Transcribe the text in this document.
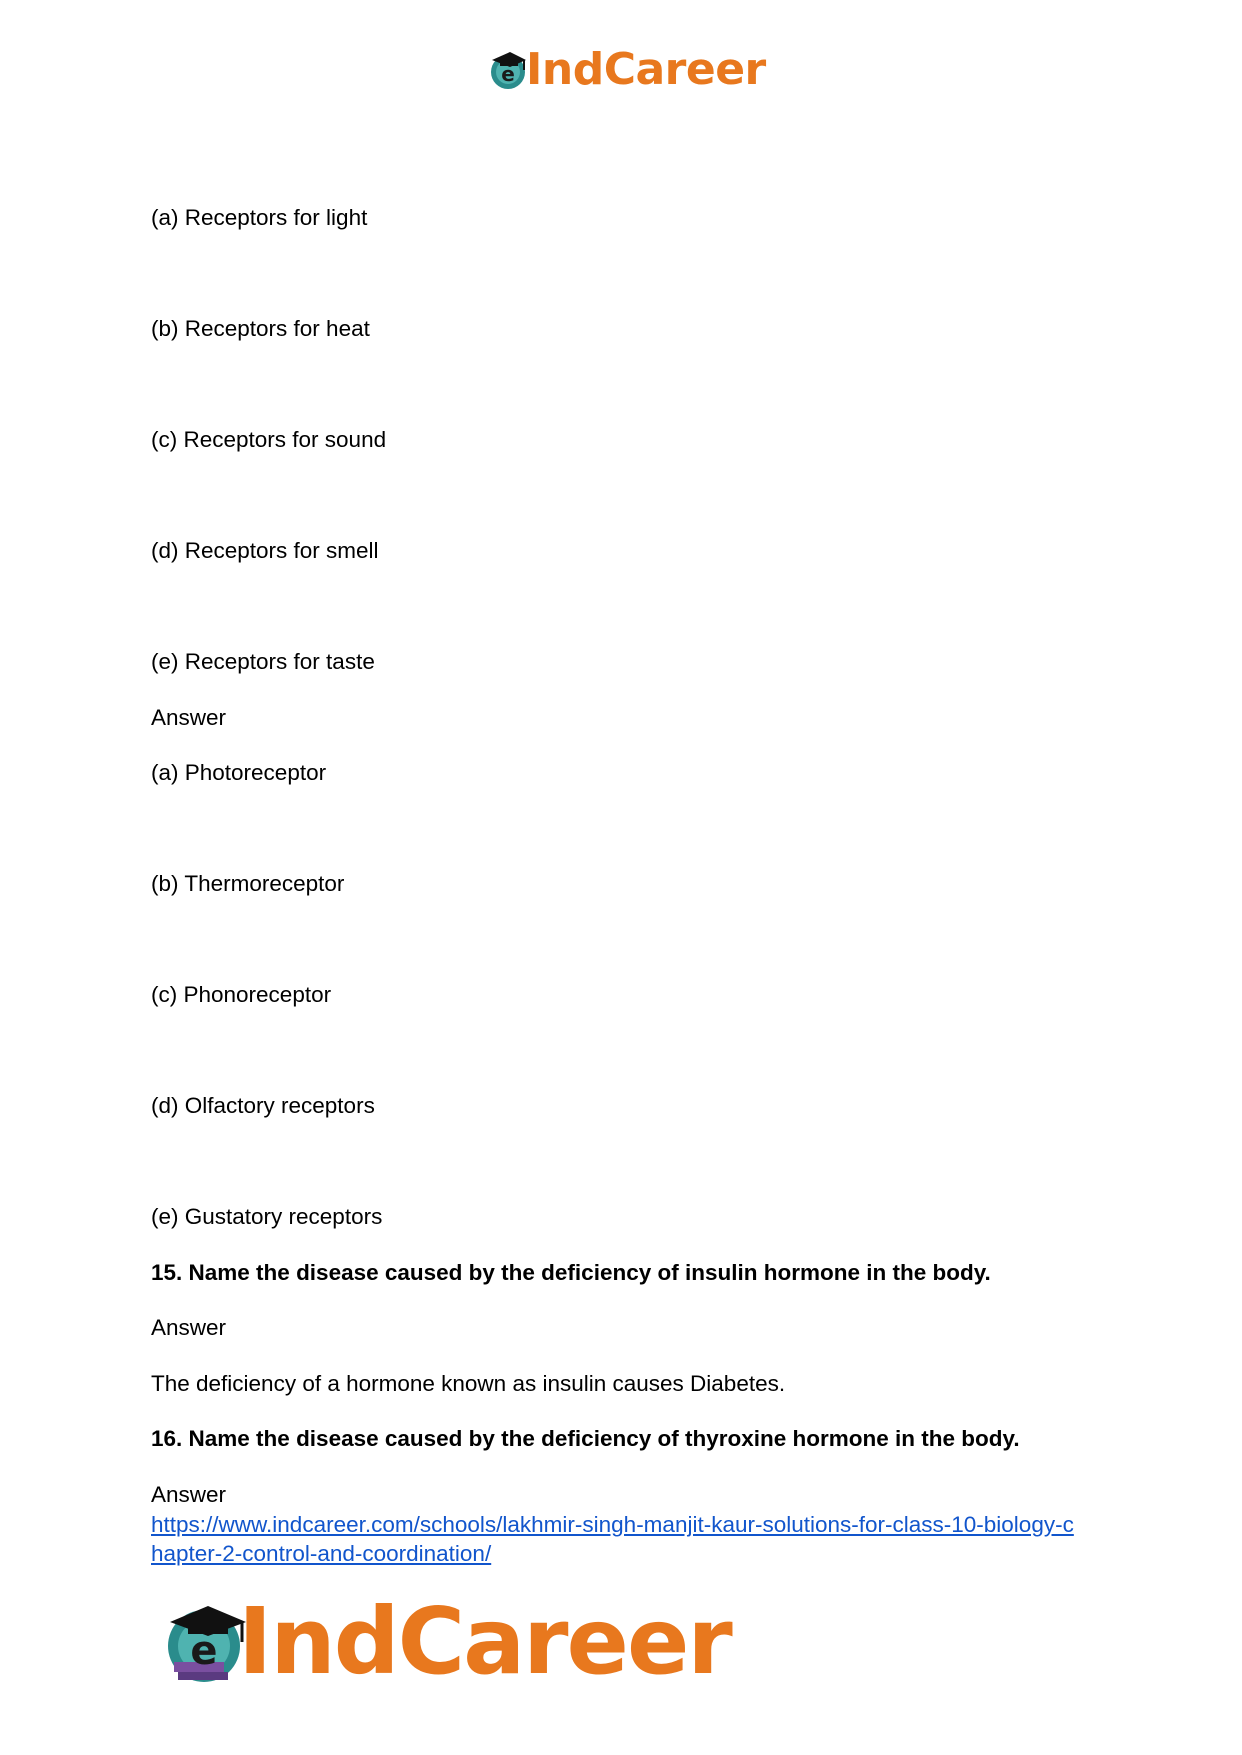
e IndCareer
(a) Receptors for light
(b) Receptors for heat
(c) Receptors for sound
(d) Receptors for smell
(e) Receptors for taste
Answer
(a) Photoreceptor
(b) Thermoreceptor
(c) Phonoreceptor
(d) Olfactory receptors
(e) Gustatory receptors
15. Name the disease caused by the deficiency of insulin hormone in the body.
Answer
The deficiency of a hormone known as insulin causes Diabetes.
16. Name the disease caused by the deficiency of thyroxine hormone in the body.
Answer
https://www.indcareer.com/schools/lakhmir-singh-manjit-kaur-solutions-for-class-10-biology-c
hapter-2-control-and-coordination/
e IndCareer
